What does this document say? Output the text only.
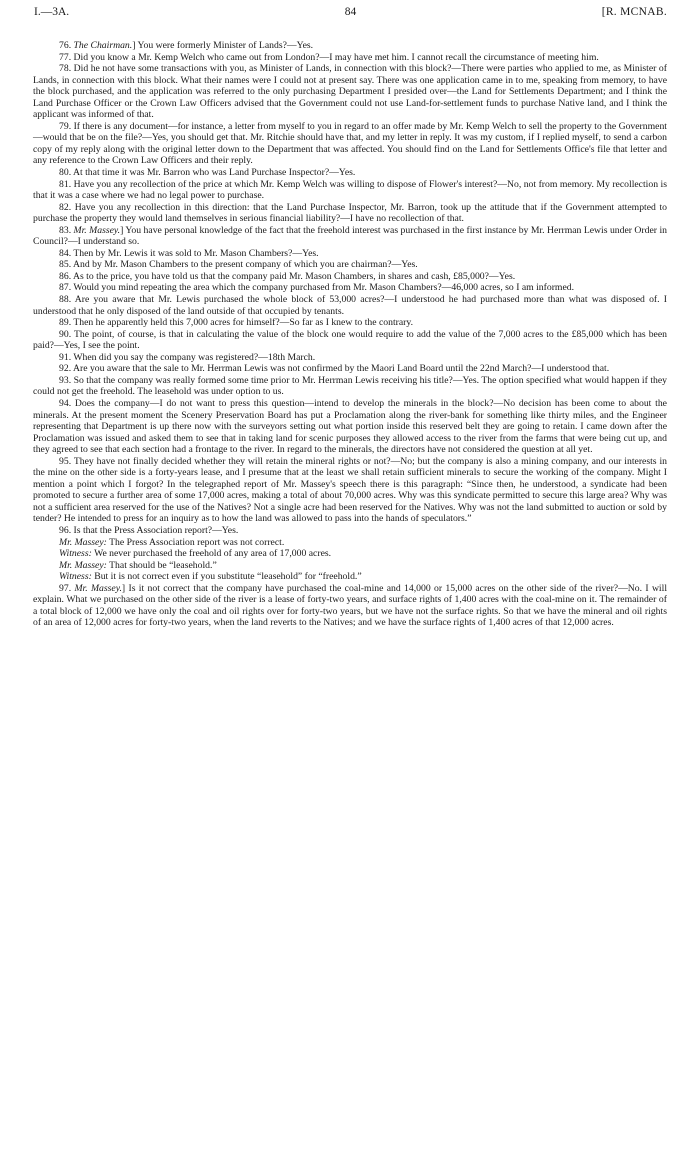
I.—3A.	84	[R. MCNAB.

76. The Chairman.] You were formerly Minister of Lands?—Yes.

77. Did you know a Mr. Kemp Welch who came out from London?—I may have met him. I cannot recall the circumstance of meeting him.

78. Did he not have some transactions with you, as Minister of Lands, in connection with this block?—There were parties who applied to me, as Minister of Lands, in connection with this block. What their names were I could not at present say. There was one application came in to me, speaking from memory, to have the block purchased, and the application was referred to the only purchasing Department I presided over—the Land for Settlements Department; and I think the Land Purchase Officer or the Crown Law Officers advised that the Government could not use Land-for-settlement funds to purchase Native land, and I think the applicant was informed of that.

79. If there is any document—for instance, a letter from myself to you in regard to an offer made by Mr. Kemp Welch to sell the property to the Government—would that be on the file?—Yes, you should get that. Mr. Ritchie should have that, and my letter in reply. It was my custom, if I replied myself, to send a carbon copy of my reply along with the original letter down to the Department that was affected. You should find on the Land for Settlements Office's file that letter and any reference to the Crown Law Officers and their reply.

80. At that time it was Mr. Barron who was Land Purchase Inspector?—Yes.

81. Have you any recollection of the price at which Mr. Kemp Welch was willing to dispose of Flower's interest?—No, not from memory. My recollection is that it was a case where we had no legal power to purchase.

82. Have you any recollection in this direction: that the Land Purchase Inspector, Mr. Barron, took up the attitude that if the Government attempted to purchase the property they would land themselves in serious financial liability?—I have no recollection of that.

83. Mr. Massey.] You have personal knowledge of the fact that the freehold interest was purchased in the first instance by Mr. Herrman Lewis under Order in Council?—I understand so.

84. Then by Mr. Lewis it was sold to Mr. Mason Chambers?—Yes.

85. And by Mr. Mason Chambers to the present company of which you are chairman?—Yes.

86. As to the price, you have told us that the company paid Mr. Mason Chambers, in shares and cash, £85,000?—Yes.

87. Would you mind repeating the area which the company purchased from Mr. Mason Chambers?—46,000 acres, so I am informed.

88. Are you aware that Mr. Lewis purchased the whole block of 53,000 acres?—I understood he had purchased more than what was disposed of. I understood that he only disposed of the land outside of that occupied by tenants.

89. Then he apparently held this 7,000 acres for himself?—So far as I knew to the contrary.

90. The point, of course, is that in calculating the value of the block one would require to add the value of the 7,000 acres to the £85,000 which has been paid?—Yes, I see the point.

91. When did you say the company was registered?—18th March.

92. Are you aware that the sale to Mr. Herrman Lewis was not confirmed by the Maori Land Board until the 22nd March?—I understood that.

93. So that the company was really formed some time prior to Mr. Herrman Lewis receiving his title?—Yes. The option specified what would happen if they could not get the freehold. The leasehold was under option to us.

94. Does the company—I do not want to press this question—intend to develop the minerals in the block?—No decision has been come to about the minerals. At the present moment the Scenery Preservation Board has put a Proclamation along the river-bank for something like thirty miles, and the Engineer representing that Department is up there now with the surveyors setting out what portion inside this reserved belt they are going to retain. I came down after the Proclamation was issued and asked them to see that in taking land for scenic purposes they allowed access to the river from the farms that were being cut up, and they agreed to see that each section had a frontage to the river. In regard to the minerals, the directors have not considered the question at all yet.

95. They have not finally decided whether they will retain the mineral rights or not?—No; but the company is also a mining company, and our interests in the mine on the other side is a forty-years lease, and I presume that at the least we shall retain sufficient minerals to secure the working of the company. Might I mention a point which I forgot? In the telegraphed report of Mr. Massey's speech there is this paragraph: “Since then, he understood, a syndicate had been promoted to secure a further area of some 17,000 acres, making a total of about 70,000 acres. Why was this syndicate permitted to secure this large area? Why was not a sufficient area reserved for the use of the Natives? Not a single acre had been reserved for the Natives. Why was not the land submitted to auction or sold by tender? He intended to press for an inquiry as to how the land was allowed to pass into the hands of speculators.”

96. Is that the Press Association report?—Yes.

Mr. Massey: The Press Association report was not correct.

Witness: We never purchased the freehold of any area of 17,000 acres.

Mr. Massey: That should be “leasehold.”

Witness: But it is not correct even if you substitute “leasehold” for “freehold.”

97. Mr. Massey.] Is it not correct that the company have purchased the coal-mine and 14,000 or 15,000 acres on the other side of the river?—No. I will explain. What we purchased on the other side of the river is a lease of forty-two years, and surface rights of 1,400 acres with the coal-mine on it. The remainder of a total block of 12,000 we have only the coal and oil rights over for forty-two years, but we have not the surface rights. So that we have the mineral and oil rights of an area of 12,000 acres for forty-two years, when the land reverts to the Natives; and we have the surface rights of 1,400 acres of that 12,000 acres.
